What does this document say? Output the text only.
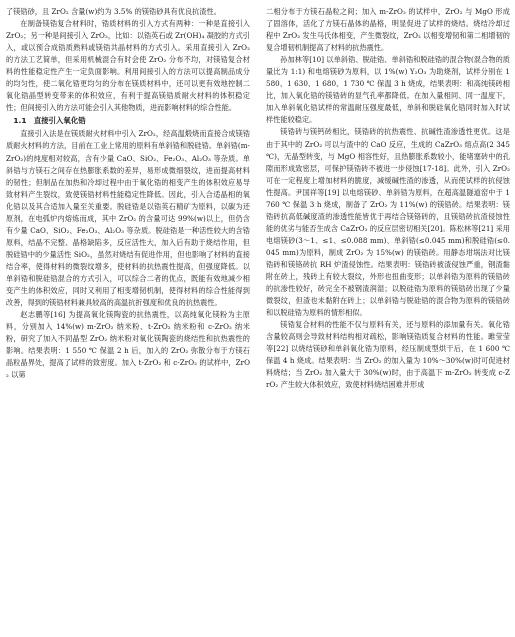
了镁锆砂，且 ZrO₂ 含量(w)约为 3.5% 的镁锆砂具有优良抗渣性。

在制备镁锆复合材料时，锆质材料的引入方式有两种：一种是直接引入 ZrO₂；另一种是间接引入 ZrO₂，比如：以锆英石或 Zr(OH)₄ 凝胶的方式引入，或以预合成锆质熟料或镁锆共晶材料的方式引入。采用直接引入 ZrO₂ 的方法工艺简单，但采用机械混合有时会使 ZrO₂ 分布不均，对镁锆复合材料的性能稳定性产生一定负面影响。利用间接引入的方法可以提高制品成分的均匀性，使二氧化锆更均匀的分布在镁质材料中，还可以更有效地控制二氧化锆晶型转变带来的体积效应，有利于提高镁锆质耐火材料的体积稳定性；但间接引入的方法可能会引入其他物质，进而影响材料的综合性能。

1.1　直接引入氧化锆

直接引入法是在镁质耐火材料中引入 ZrO₂，经高温煅烧而直接合成镁锆质耐火材料的方法，目前在工业上常用的原料有单斜锆和脱硅锆。单斜锆(m-ZrO₂)的纯度相对较高，含有少量 CaO、SiO₂、Fe₂O₃、Al₂O₃ 等杂质。单斜锆与方镁石之间存在热膨胀系数的差异，易形成微细裂纹，进而提高材料的韧性；但制品在加热和冷却过程中由于氧化锆的相变产生的体积效应易导致材料产生裂纹，致使镁锆材料性能稳定性降低。因此，引入合适晶相的氧化锆以及其合适加入量至关重要。脱硅锆是以锆英石精矿为原料，以碳为还原剂，在电弧炉内熔炼而成，其中 ZrO₂ 的含量可达 99%(w)以上，但仍含有少量 CaO、SiO₂、Fe₂O₃、Al₂O₃ 等杂质。脱硅锆是一种活性较大的含锆原料，结晶不完整、晶格缺陷多，反应活性大，加入后有助于烧结作用，但脱硅锆中的少量活性 SiO₂，虽然对烧结有促进作用，但也影响了材料的直接结合率，使得材料的微裂纹增多，使材料的抗热震性提高，但强度降低。以单斜锆和脱硅锆混合的方式引入，可以综合二者的优点，既能有效地减少相变产生的体积效应，同时又利用了相变增韧机制，使得材料的综合性能得到改善，得到的镁锆材料兼具较高的高温抗折强度和优良的抗热震性。

赵志鹏等[16] 为提高氧化镁陶瓷的抗热震性，以高纯氧化镁粉为主原料，分别加入 14%(w) m-ZrO₂ 纳米粉、t-ZrO₂ 纳米粉和 c-ZrO₂ 纳米粉，研究了加入不同晶型 ZrO₂ 纳米粉对氧化镁陶瓷的烧结性和抗热震性的影响。结果表明：1 550 ℃ 保温 2 h 后，加入的 ZrO₂ 弥散分布于方镁石晶粒晶界处，提高了试样的致密度。加入 t-ZrO₂ 和 c-ZrO₂ 的试样中，ZrO₂ 以第

二相分布于方镁石晶粒之间；加入 m-ZrO₂ 的试样中，ZrO₂ 与 MgO 形成了固溶体，活化了方镁石晶体的晶格，明显促进了试样的烧结。烧结冷却过程中 ZrO₂ 发生马氏体相变，产生微裂纹，ZrO₂ 以相变增韧和第二相增韧的复合增韧机制提高了材料的抗热震性。

孙加林等[10] 以单斜锆、脱硅锆、单斜锆和脱硅锆的混合物(混合物的质量比为 1:1) 和电熔镁砂为原料，以 1%(w) Y₂O₃ 为助烧剂，试样分别在 1 580、1 630、1 680、1 730 ℃ 保温 3 h 烧成，结果表明：和高纯镁砖相比，加入氧化锆的镁锆砖的显气孔率都降低。在加入量相同、同一温度下，加入单斜氧化锆试样的常温耐压强度最低，单斜和脱硅氧化锆同时加入时试样性能较稳定。

镁锆砖与镁钙砖相比，镁锆砖的抗热震性、抗碱性渣渗透性更优。这是由于其中的 ZrO₂ 可以与渣中的 CaO 反应，生成的 CaZrO₃ 熔点高(2 345 ℃)，无晶型转变，与 MgO 相容性好，且热膨胀系数较小，能堵塞砖中的孔隙而形成致密层，可保护镁锆砖不被进一步侵蚀[17-18]。此外，引入 ZrO₂ 可在一定程度上增加材料的脆度，减缓碱性渣的渗透，从而使试样的抗侵蚀性提高。尹国祥等[19] 以电熔镁砂、单斜锆为原料，在超高温隧道窑中于 1 760 ℃ 保温 3 h 烧成，制备了 ZrO₂ 为 11%(w) 的镁锆砖。结果表明：镁锆砖抗高低碱度渣的渗透性能皆优于再结合镁铬砖的，且镁锆砖抗渣侵蚀性能的优劣与能否生成含 CaZrO₃ 的反应层密切相关[20]。陈松林等[21] 采用电熔镁砂(3～1、≤1、≤0.088 mm)、单斜锆(≤0.045 mm)和脱硅锆(≤0.045 mm)为原料，制成 ZrO₂ 为 15%(w) 的镁锆砖。用静态坩埚法对比镁锆砖和镁铬砖抗 RH 炉渣侵蚀性。结果表明：镁锆砖被渣侵蚀严重，钢渣黏附在砖上，残砖上有较大裂纹，外形也扭曲变形；以单斜锆为原料的镁锆砖的抗渗性较好，砖完全不被钢渣润湿；以脱硅锆为原料的镁锆砖出现了少量微裂纹，但渣也未黏附在砖上；以单斜锆与脱硅锆的混合物为原料的镁锆砖和以脱硅锆为原料的情形相似。

镁锆复合材料的性能不仅与原料有关，还与原料的添加量有关。氧化锆含量较高则会导致材料结构相对疏松，影响镁锆质复合材料的性能。雎莹莹等[22] 以烧结镁砂和单斜氧化锆为原料，经压制成型烘干后，在 1 600 ℃ 保温 4 h 烧成。结果表明：当 ZrO₂ 的加入量为 10%～30%(w)时可促进材料烧结；当 ZrO₂ 加入量大于 30%(w)时，由于高温下 m-ZrO₂ 转变成 c-ZrO₂ 产生较大体积效应，致使材料烧结困难并形成
